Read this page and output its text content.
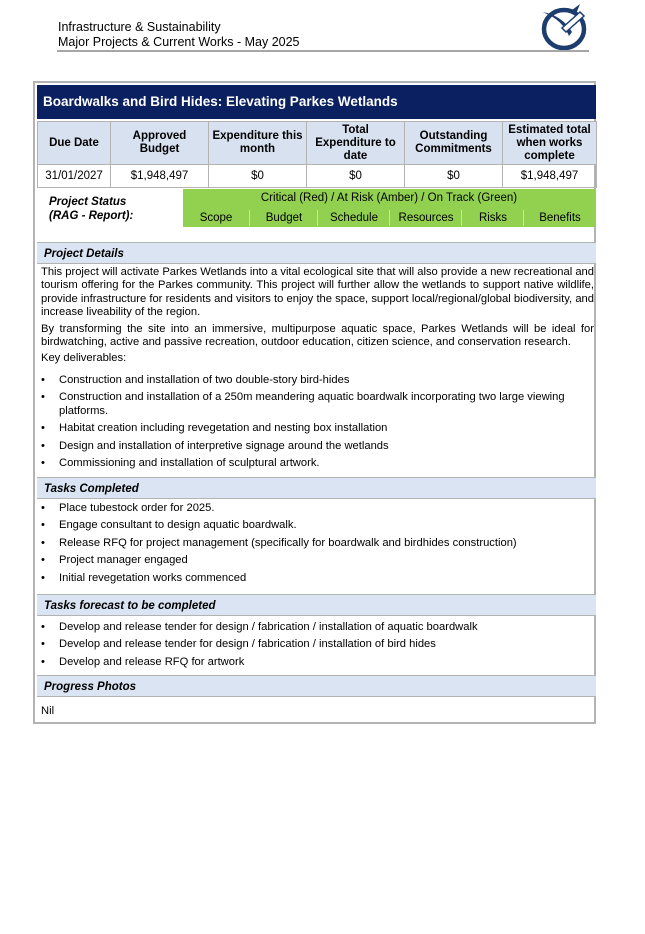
Infrastructure & Sustainability
Major Projects & Current Works - May 2025
Boardwalks and Bird Hides: Elevating Parkes Wetlands
Due Date	Approved Budget	Expenditure this month	Total Expenditure to date	Outstanding Commitments	Estimated total when works complete
31/01/2027	$1,948,497	$0	$0	$0	$1,948,497
Project Status
(RAG - Report):
Critical (Red) / At Risk (Amber) / On Track (Green)
Scope	Budget	Schedule	Resources	Risks	Benefits
Project Details

This project will activate Parkes Wetlands into a vital ecological site that will also provide a new recreational and tourism offering for the Parkes community. This project will further allow the wetlands to support native wildlife, provide infrastructure for residents and visitors to enjoy the space, support local/regional/global biodiversity, and increase liveability of the region.

By transforming the site into an immersive, multipurpose aquatic space, Parkes Wetlands will be ideal for birdwatching, active and passive recreation, outdoor education, citizen science, and conservation research.

Key deliverables:

• Construction and installation of two double-story bird-hides
• Construction and installation of a 250m meandering aquatic boardwalk incorporating two large viewing platforms.
• Habitat creation including revegetation and nesting box installation
• Design and installation of interpretive signage around the wetlands
• Commissioning and installation of sculptural artwork.
Tasks Completed
• Place tubestock order for 2025.
• Engage consultant to design aquatic boardwalk.
• Release RFQ for project management (specifically for boardwalk and birdhides construction)
• Project manager engaged
• Initial revegetation works commenced
Tasks forecast to be completed
• Develop and release tender for design / fabrication / installation of aquatic boardwalk
• Develop and release tender for design / fabrication / installation of bird hides
• Develop and release RFQ for artwork
Progress Photos
Nil
